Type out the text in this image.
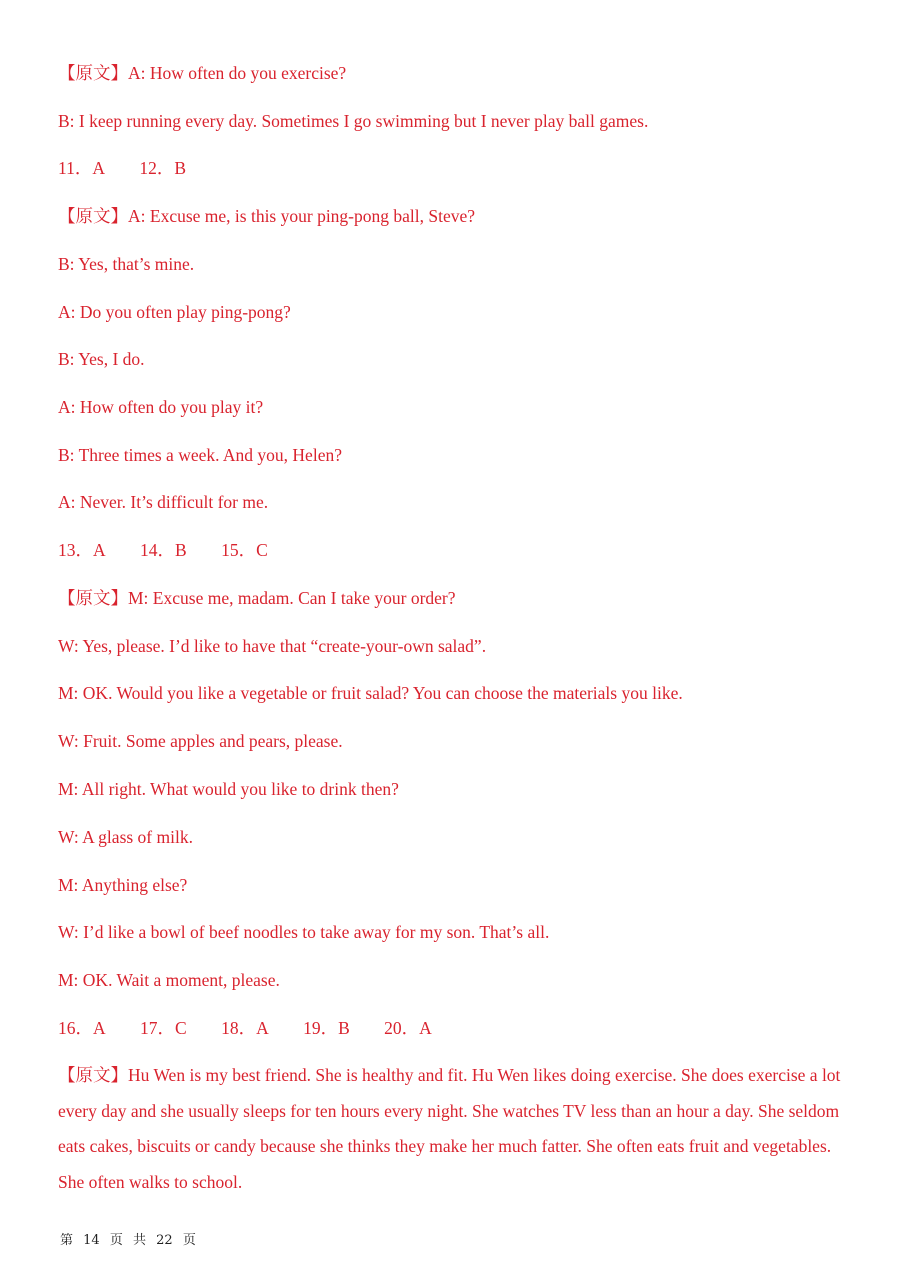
【原文】A: How often do you exercise?
B: I keep running every day. Sometimes I go swimming but I never play ball games.
11．A 12．B
【原文】A: Excuse me, is this your ping-pong ball, Steve?
B: Yes, that’s mine.
A: Do you often play ping-pong?
B: Yes, I do.
A: How often do you play it?
B: Three times a week. And you, Helen?
A: Never. It’s difficult for me.
13．A 14．B 15．C
【原文】M: Excuse me, madam. Can I take your order?
W: Yes, please. I’d like to have that “create-your-own salad”.
M: OK. Would you like a vegetable or fruit salad? You can choose the materials you like.
W: Fruit. Some apples and pears, please.
M: All right. What would you like to drink then?
W: A glass of milk.
M: Anything else?
W: I’d like a bowl of beef noodles to take away for my son. That’s all.
M: OK. Wait a moment, please.
16．A 17．C 18．A 19．B 20．A
【原文】Hu Wen is my best friend. She is healthy and fit. Hu Wen likes doing exercise. She does exercise a lot every day and she usually sleeps for ten hours every night. She watches TV less than an hour a day. She seldom eats cakes, biscuits or candy because she thinks they make her much fatter. She often eats fruit and vegetables. She often walks to school.
第 14 页 共 22 页
